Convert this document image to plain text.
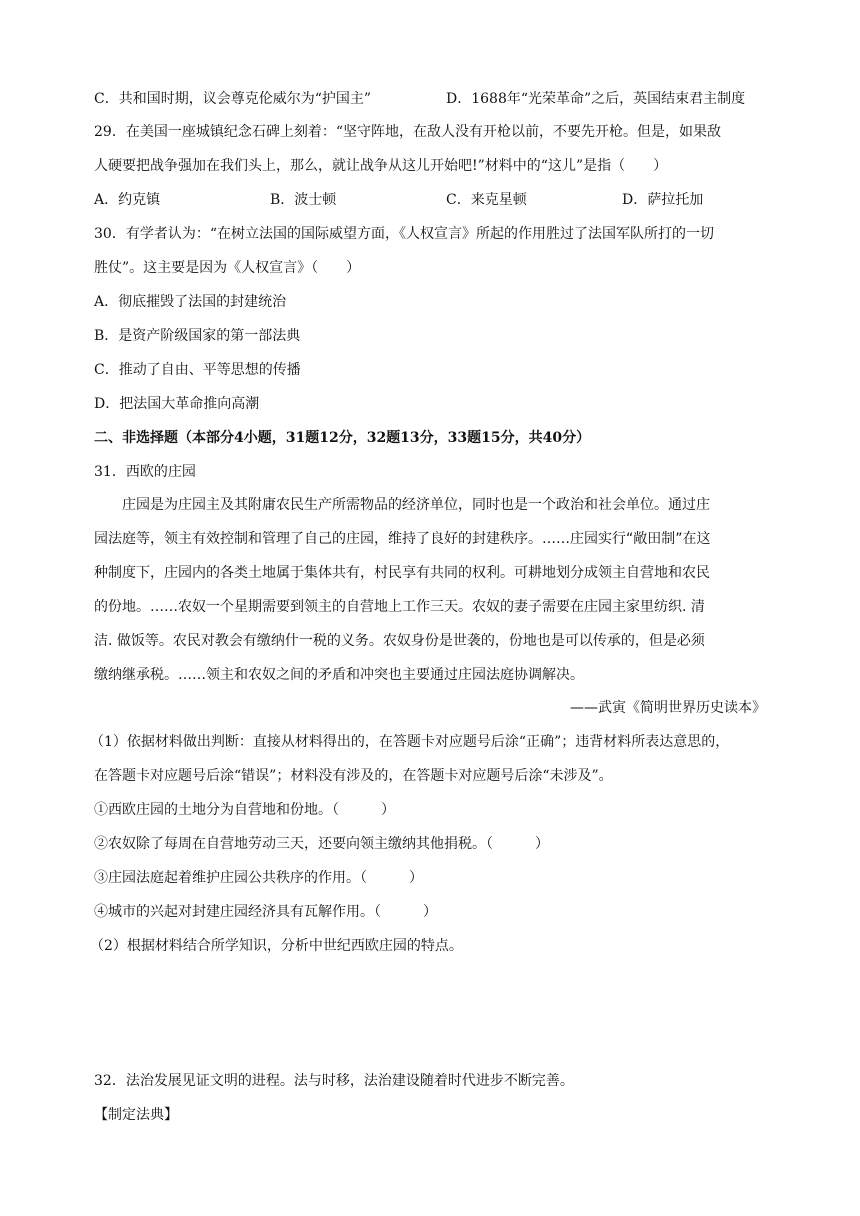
C．共和国时期，议会尊克伦威尔为“护国主”	D．1688年“光荣革命”之后，英国结束君主制度
29．在美国一座城镇纪念石碑上刻着：“坚守阵地，在敌人没有开枪以前，不要先开枪。但是，如果敌
人硬要把战争强加在我们头上，那么，就让战争从这儿开始吧!”材料中的“这儿”是指（　　）
A．约克镇	B．波士顿	C．来克星顿	D．萨拉托加
30．有学者认为：“在树立法国的国际威望方面，《人权宣言》所起的作用胜过了法国军队所打的一切
胜仗”。这主要是因为《人权宣言》（　　）
A．彻底摧毁了法国的封建统治
B．是资产阶级国家的第一部法典
C．推动了自由、平等思想的传播
D．把法国大革命推向高潮
二、非选择题（本部分4小题，31题12分，32题13分，33题15分，共40分）
31．西欧的庄园
庄园是为庄园主及其附庸农民生产所需物品的经济单位，同时也是一个政治和社会单位。通过庄
园法庭等，领主有效控制和管理了自己的庄园，维持了良好的封建秩序。……庄园实行“敞田制”在这
种制度下，庄园内的各类土地属于集体共有，村民享有共同的权利。可耕地划分成领主自营地和农民
的份地。……农奴一个星期需要到领主的自营地上工作三天。农奴的妻子需要在庄园主家里纺织. 清
洁. 做饭等。农民对教会有缴纳什一税的义务。农奴身份是世袭的，份地也是可以传承的，但是必须
缴纳继承税。……领主和农奴之间的矛盾和冲突也主要通过庄园法庭协调解决。
——武寅《简明世界历史读本》
（1）依据材料做出判断：直接从材料得出的，在答题卡对应题号后涂“正确”；违背材料所表达意思的，
在答题卡对应题号后涂“错误”；材料没有涉及的，在答题卡对应题号后涂“未涉及”。
①西欧庄园的土地分为自营地和份地。（　　　）
②农奴除了每周在自营地劳动三天，还要向领主缴纳其他捐税。（　　　）
③庄园法庭起着维护庄园公共秩序的作用。（　　　）
④城市的兴起对封建庄园经济具有瓦解作用。（　　　）
（2）根据材料结合所学知识，分析中世纪西欧庄园的特点。
32．法治发展见证文明的进程。法与时移，法治建设随着时代进步不断完善。
【制定法典】
